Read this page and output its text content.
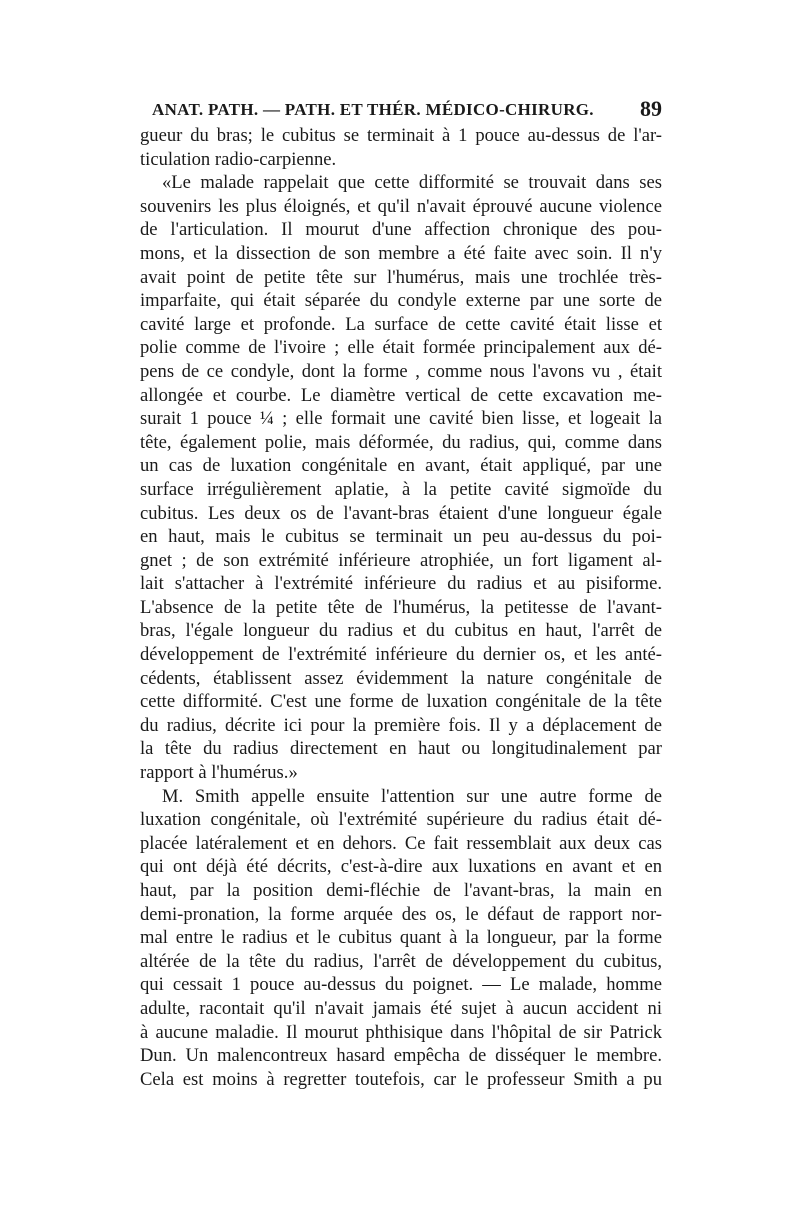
ANAT. PATH. — PATH. ET THÉR. MÉDICO-CHIRURG. 89
gueur du bras; le cubitus se terminait à 1 pouce au-dessus de l'ar-
ticulation radio-carpienne.
«Le malade rappelait que cette difformité se trouvait dans ses
souvenirs les plus éloignés, et qu'il n'avait éprouvé aucune violence
de l'articulation. Il mourut d'une affection chronique des pou-
mons, et la dissection de son membre a été faite avec soin. Il n'y
avait point de petite tête sur l'humérus, mais une trochlée très-
imparfaite, qui était séparée du condyle externe par une sorte de
cavité large et profonde. La surface de cette cavité était lisse et
polie comme de l'ivoire ; elle était formée principalement aux dé-
pens de ce condyle, dont la forme , comme nous l'avons vu , était
allongée et courbe. Le diamètre vertical de cette excavation me-
surait 1 pouce ¼ ; elle formait une cavité bien lisse, et logeait la
tête, également polie, mais déformée, du radius, qui, comme dans
un cas de luxation congénitale en avant, était appliqué, par une
surface irrégulièrement aplatie, à la petite cavité sigmoïde du
cubitus. Les deux os de l'avant-bras étaient d'une longueur égale
en haut, mais le cubitus se terminait un peu au-dessus du poi-
gnet ; de son extrémité inférieure atrophiée, un fort ligament al-
lait s'attacher à l'extrémité inférieure du radius et au pisiforme.
L'absence de la petite tête de l'humérus, la petitesse de l'avant-
bras, l'égale longueur du radius et du cubitus en haut, l'arrêt de
développement de l'extrémité inférieure du dernier os, et les anté-
cédents, établissent assez évidemment la nature congénitale de
cette difformité. C'est une forme de luxation congénitale de la tête
du radius, décrite ici pour la première fois. Il y a déplacement de
la tête du radius directement en haut ou longitudinalement par
rapport à l'humérus.»
M. Smith appelle ensuite l'attention sur une autre forme de
luxation congénitale, où l'extrémité supérieure du radius était dé-
placée latéralement et en dehors. Ce fait ressemblait aux deux cas
qui ont déjà été décrits, c'est-à-dire aux luxations en avant et en
haut, par la position demi-fléchie de l'avant-bras, la main en
demi-pronation, la forme arquée des os, le défaut de rapport nor-
mal entre le radius et le cubitus quant à la longueur, par la forme
altérée de la tête du radius, l'arrêt de développement du cubitus,
qui cessait 1 pouce au-dessus du poignet. — Le malade, homme
adulte, racontait qu'il n'avait jamais été sujet à aucun accident ni
à aucune maladie. Il mourut phthisique dans l'hôpital de sir Patrick
Dun. Un malencontreux hasard empêcha de disséquer le membre.
Cela est moins à regretter toutefois, car le professeur Smith a pu
